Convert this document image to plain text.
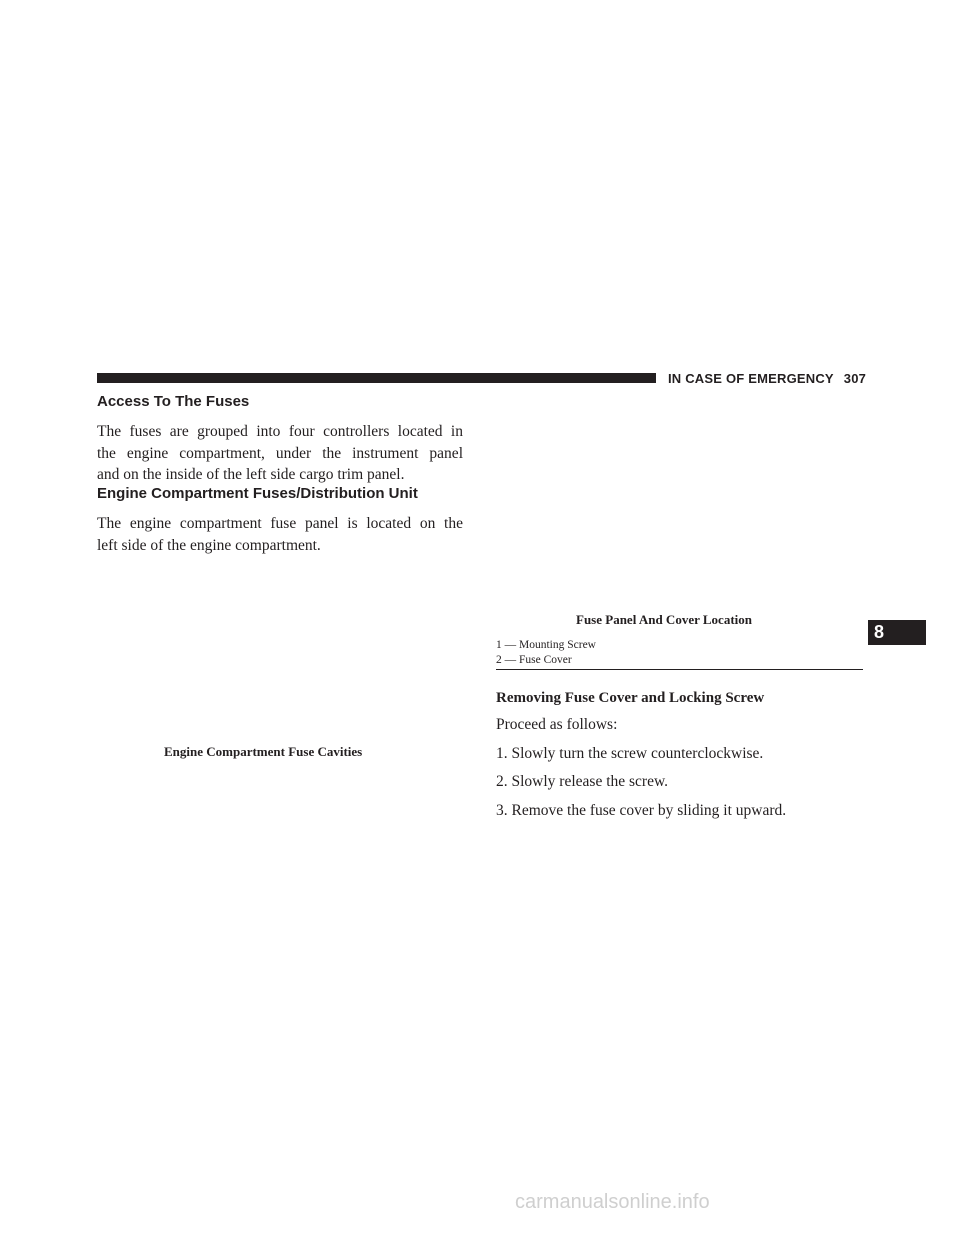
IN CASE OF EMERGENCY 307
Access To The Fuses
The fuses are grouped into four controllers located in
the engine compartment, under the instrument panel
and on the inside of the left side cargo trim panel.
Engine Compartment Fuses/Distribution Unit
The engine compartment fuse panel is located on the
left side of the engine compartment.
Engine Compartment Fuse Cavities
Fuse Panel And Cover Location
1 — Mounting Screw
2 — Fuse Cover
8
Removing Fuse Cover and Locking Screw
Proceed as follows:
1. Slowly turn the screw counterclockwise.
2. Slowly release the screw.
3. Remove the fuse cover by sliding it upward.
carmanualsonline.info
